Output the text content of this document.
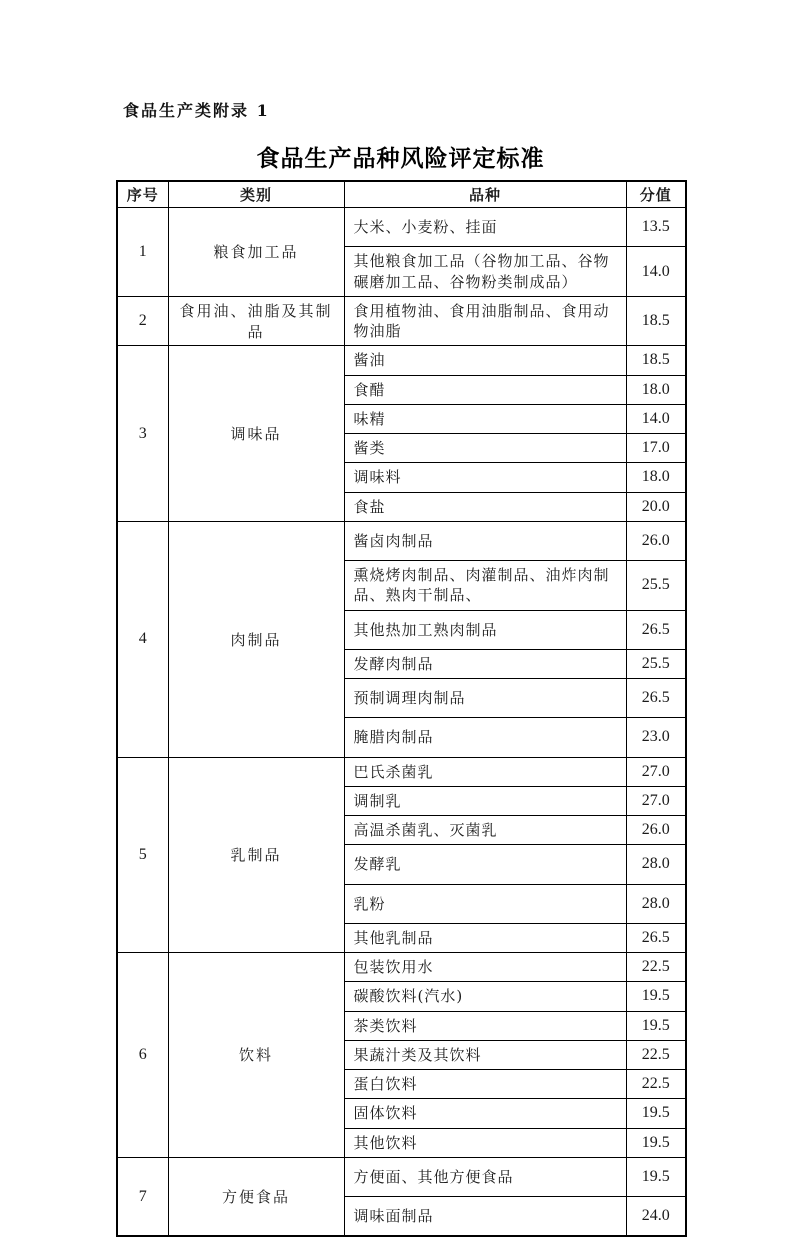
食品生产类附录 1
食品生产品种风险评定标准
序号	类别	品种	分值
1	粮食加工品	大米、小麦粉、挂面	13.5
		其他粮食加工品（谷物加工品、谷物碾磨加工品、谷物粉类制成品）	14.0
2	食用油、油脂及其制品	食用植物油、食用油脂制品、食用动物油脂	18.5
3	调味品	酱油	18.5
		食醋	18.0
		味精	14.0
		酱类	17.0
		调味料	18.0
		食盐	20.0
4	肉制品	酱卤肉制品	26.0
		熏烧烤肉制品、肉灌制品、油炸肉制品、熟肉干制品、	25.5
		其他热加工熟肉制品	26.5
		发酵肉制品	25.5
		预制调理肉制品	26.5
		腌腊肉制品	23.0
5	乳制品	巴氏杀菌乳	27.0
		调制乳	27.0
		高温杀菌乳、灭菌乳	26.0
		发酵乳	28.0
		乳粉	28.0
		其他乳制品	26.5
6	饮料	包装饮用水	22.5
		碳酸饮料(汽水)	19.5
		茶类饮料	19.5
		果蔬汁类及其饮料	22.5
		蛋白饮料	22.5
		固体饮料	19.5
		其他饮料	19.5
7	方便食品	方便面、其他方便食品	19.5
		调味面制品	24.0
